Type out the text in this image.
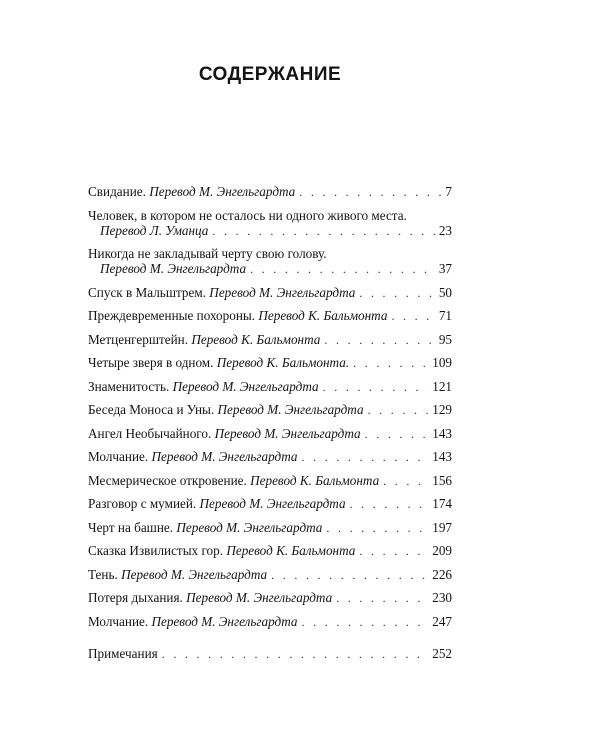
СОДЕРЖАНИЕ
Свидание. Перевод М. Энгельгардта . . .	7
Человек, в котором не осталось ни одного живого места.
Перевод Л. Уманца . . .	23
Никогда не закладывай черту свою голову.
Перевод М. Энгельгардта . . .	37
Спуск в Мальштрем. Перевод М. Энгельгардта . . .	50
Преждевременные похороны. Перевод К. Бальмонта . . .	71
Метценгерштейн. Перевод К. Бальмонта . . .	95
Четыре зверя в одном. Перевод К. Бальмонта. . . .	109
Знаменитость. Перевод М. Энгельгардта . . .	121
Беседа Моноса и Уны. Перевод М. Энгельгардта . . .	129
Ангел Необычайного. Перевод М. Энгельгардта . . .	143
Молчание. Перевод М. Энгельгардта . . .	143
Месмерическое откровение. Перевод К. Бальмонта . . .	156
Разговор с мумией. Перевод М. Энгельгардта . . .	174
Черт на башне. Перевод М. Энгельгардта . . .	197
Сказка Извилистых гор. Перевод К. Бальмонта . . .	209
Тень. Перевод М. Энгельгардта . . .	226
Потеря дыхания. Перевод М. Энгельгардта . . .	230
Молчание. Перевод М. Энгельгардта . . .	247
Примечания . . .	252
